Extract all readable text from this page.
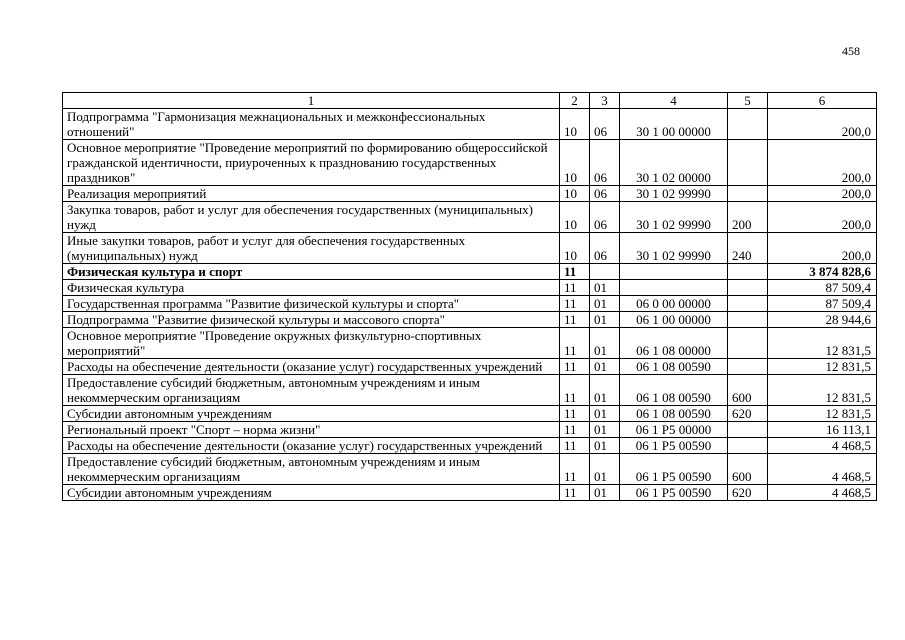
458
1	2	3	4	5	6
Подпрограмма "Гармонизация межнациональных и межконфессиональных отношений"	10	06	30 1 00 00000		200,0
Основное мероприятие "Проведение мероприятий по формированию общероссийской гражданской идентичности, приуроченных к празднованию государственных праздников"	10	06	30 1 02 00000		200,0
Реализация мероприятий	10	06	30 1 02 99990		200,0
Закупка товаров, работ и услуг для обеспечения государственных (муниципальных) нужд	10	06	30 1 02 99990	200	200,0
Иные закупки товаров, работ и услуг для обеспечения государственных (муниципальных) нужд	10	06	30 1 02 99990	240	200,0
Физическая культура и спорт	11				3 874 828,6
Физическая культура	11	01			87 509,4
Государственная программа "Развитие физической культуры и спорта"	11	01	06 0 00 00000		87 509,4
Подпрограмма "Развитие физической культуры и массового спорта"	11	01	06 1 00 00000		28 944,6
Основное мероприятие "Проведение окружных физкультурно-спортивных мероприятий"	11	01	06 1 08 00000		12 831,5
Расходы на обеспечение деятельности (оказание услуг) государственных учреждений	11	01	06 1 08 00590		12 831,5
Предоставление субсидий бюджетным, автономным учреждениям и иным некоммерческим организациям	11	01	06 1 08 00590	600	12 831,5
Субсидии автономным учреждениям	11	01	06 1 08 00590	620	12 831,5
Региональный проект "Спорт – норма жизни"	11	01	06 1 P5 00000		16 113,1
Расходы на обеспечение деятельности (оказание услуг) государственных учреждений	11	01	06 1 P5 00590		4 468,5
Предоставление субсидий бюджетным, автономным учреждениям и иным некоммерческим организациям	11	01	06 1 P5 00590	600	4 468,5
Субсидии автономным учреждениям	11	01	06 1 P5 00590	620	4 468,5
